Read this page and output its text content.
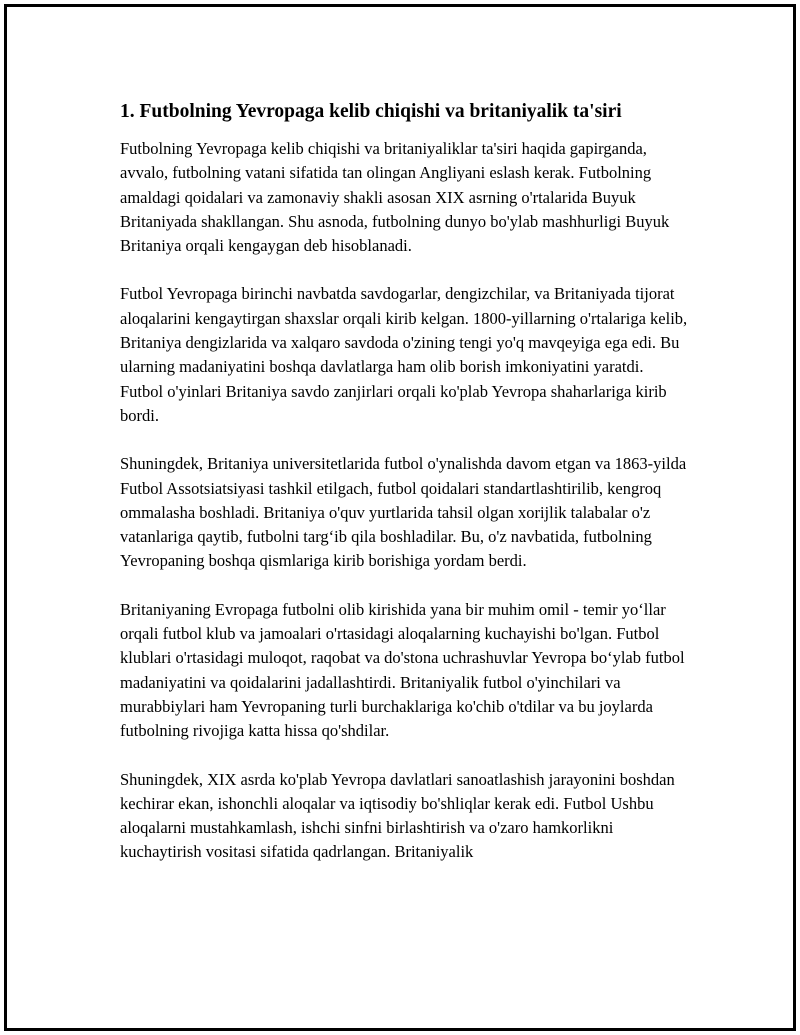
1. Futbolning Yevropaga kelib chiqishi va britaniyalik ta'siri

Futbolning Yevropaga kelib chiqishi va britaniyaliklar ta'siri haqida gapirganda, avvalo, futbolning vatani sifatida tan olingan Angliyani eslash kerak. Futbolning amaldagi qoidalari va zamonaviy shakli asosan XIX asrning o'rtalarida Buyuk Britaniyada shakllangan. Shu asnoda, futbolning dunyo bo'ylab mashhurligi Buyuk Britaniya orqali kengaygan deb hisoblanadi.

Futbol Yevropaga birinchi navbatda savdogarlar, dengizchilar, va Britaniyada tijorat aloqalarini kengaytirgan shaxslar orqali kirib kelgan. 1800-yillarning o'rtalariga kelib, Britaniya dengizlarida va xalqaro savdoda o'zining tengi yo'q mavqeyiga ega edi. Bu ularning madaniyatini boshqa davlatlarga ham olib borish imkoniyatini yaratdi. Futbol o'yinlari Britaniya savdo zanjirlari orqali ko'plab Yevropa shaharlariga kirib bordi.

Shuningdek, Britaniya universitetlarida futbol o'ynalishda davom etgan va 1863-yilda Futbol Assotsiatsiyasi tashkil etilgach, futbol qoidalari standartlashtirilib, kengroq ommalasha boshladi. Britaniya o'quv yurtlarida tahsil olgan xorijlik talabalar o'z vatanlariga qaytib, futbolni targ‘ib qila boshladilar. Bu, o'z navbatida, futbolning Yevropaning boshqa qismlariga kirib borishiga yordam berdi.

Britaniyaning Evropaga futbolni olib kirishida yana bir muhim omil - temir yo‘llar orqali futbol klub va jamoalari o'rtasidagi aloqalarning kuchayishi bo'lgan. Futbol klublari o'rtasidagi muloqot, raqobat va do'stona uchrashuvlar Yevropa bo‘ylab futbol madaniyatini va qoidalarini jadallashtirdi. Britaniyalik futbol o'yinchilari va murabbiylari ham Yevropaning turli burchaklariga ko'chib o'tdilar va bu joylarda futbolning rivojiga katta hissa qo'shdilar.

Shuningdek, XIX asrda ko'plab Yevropa davlatlari sanoatlashish jarayonini boshdan kechirar ekan, ishonchli aloqalar va iqtisodiy bo'shliqlar kerak edi. Futbol Ushbu aloqalarni mustahkamlash, ishchi sinfni birlashtirish va o'zaro hamkorlikni kuchaytirish vositasi sifatida qadrlangan. Britaniyalik
